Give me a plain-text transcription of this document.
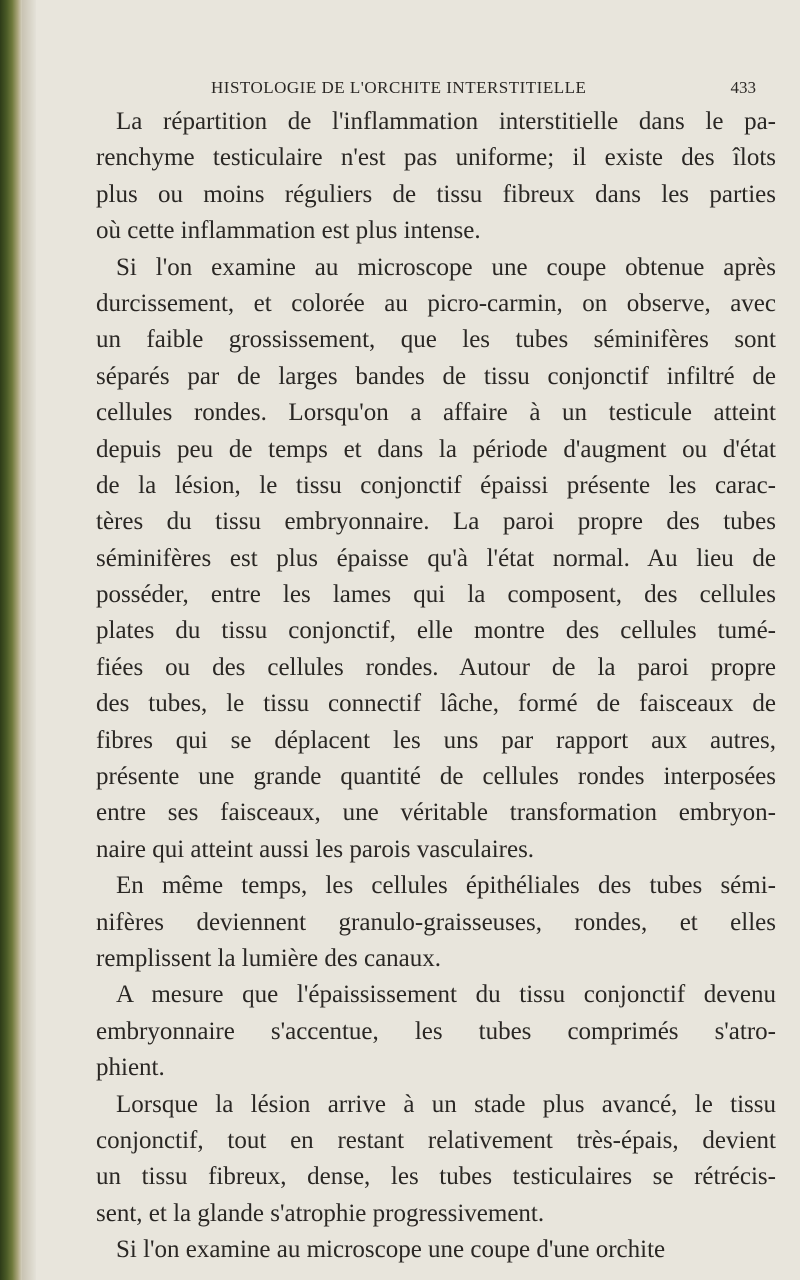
HISTOLOGIE DE L'ORCHITE INTERSTITIELLE	433
La répartition de l'inflammation interstitielle dans le pa-
renchyme testiculaire n'est pas uniforme; il existe des îlots
plus ou moins réguliers de tissu fibreux dans les parties
où cette inflammation est plus intense.
Si l'on examine au microscope une coupe obtenue après
durcissement, et colorée au picro-carmin, on observe, avec
un faible grossissement, que les tubes séminifères sont
séparés par de larges bandes de tissu conjonctif infiltré de
cellules rondes. Lorsqu'on a affaire à un testicule atteint
depuis peu de temps et dans la période d'augment ou d'état
de la lésion, le tissu conjonctif épaissi présente les carac-
tères du tissu embryonnaire. La paroi propre des tubes
séminifères est plus épaisse qu'à l'état normal. Au lieu de
posséder, entre les lames qui la composent, des cellules
plates du tissu conjonctif, elle montre des cellules tumé-
fiées ou des cellules rondes. Autour de la paroi propre
des tubes, le tissu connectif lâche, formé de faisceaux de
fibres qui se déplacent les uns par rapport aux autres,
présente une grande quantité de cellules rondes interposées
entre ses faisceaux, une véritable transformation embryon-
naire qui atteint aussi les parois vasculaires.
En même temps, les cellules épithéliales des tubes sémi-
nifères deviennent granulo-graisseuses, rondes, et elles
remplissent la lumière des canaux.
A mesure que l'épaississement du tissu conjonctif devenu
embryonnaire s'accentue, les tubes comprimés s'atro-
phient.
Lorsque la lésion arrive à un stade plus avancé, le tissu
conjonctif, tout en restant relativement très-épais, devient
un tissu fibreux, dense, les tubes testiculaires se rétrécis-
sent, et la glande s'atrophie progressivement.
Si l'on examine au microscope une coupe d'une orchite
